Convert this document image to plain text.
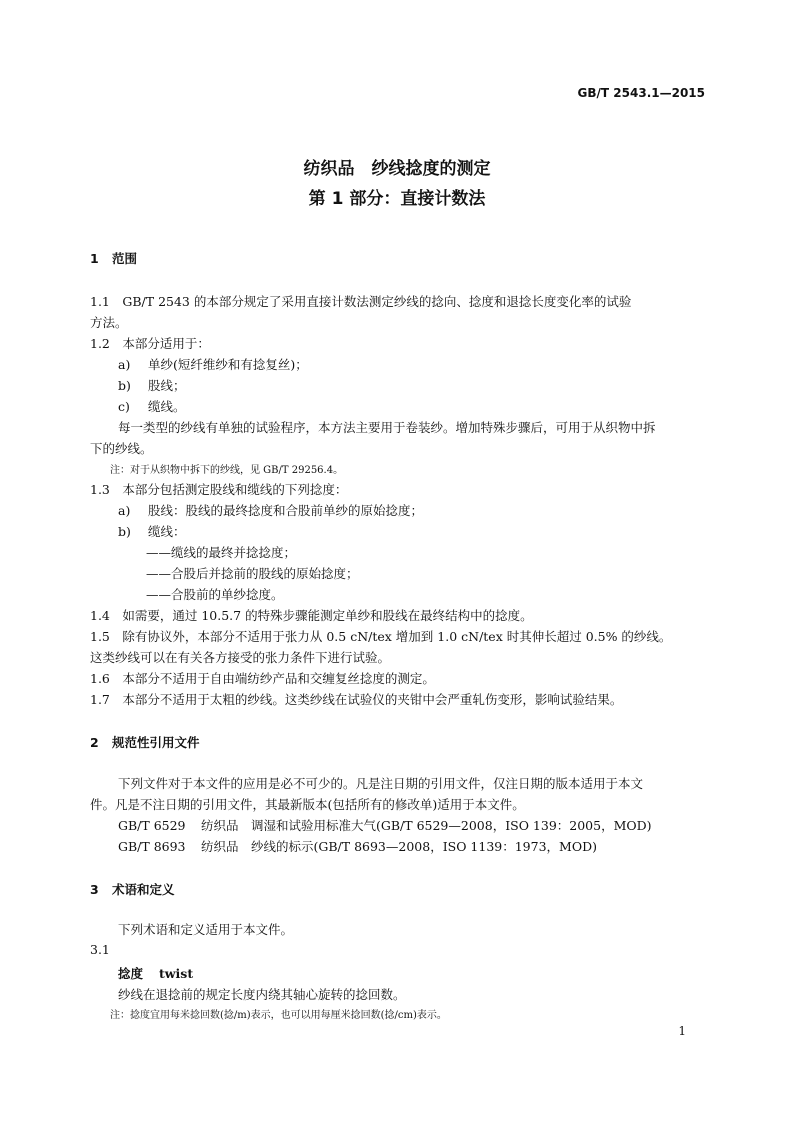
GB/T 2543.1—2015
纺织品　纱线捻度的测定
第 1 部分：直接计数法
1 范围
1.1　GB/T 2543 的本部分规定了采用直接计数法测定纱线的捻向、捻度和退捻长度变化率的试验
方法。
1.2　本部分适用于：
a) 单纱(短纤维纱和有捻复丝)；
b) 股线；
c) 缆线。
每一类型的纱线有单独的试验程序，本方法主要用于卷装纱。增加特殊步骤后，可用于从织物中拆
下的纱线。
注：对于从织物中拆下的纱线，见 GB/T 29256.4。
1.3　本部分包括测定股线和缆线的下列捻度：
a) 股线：股线的最终捻度和合股前单纱的原始捻度；
b) 缆线：
——缆线的最终并捻捻度；
——合股后并捻前的股线的原始捻度；
——合股前的单纱捻度。
1.4　如需要，通过 10.5.7 的特殊步骤能测定单纱和股线在最终结构中的捻度。
1.5　除有协议外，本部分不适用于张力从 0.5 cN/tex 增加到 1.0 cN/tex 时其伸长超过 0.5% 的纱线。
这类纱线可以在有关各方接受的张力条件下进行试验。
1.6　本部分不适用于自由端纺纱产品和交缠复丝捻度的测定。
1.7　本部分不适用于太粗的纱线。这类纱线在试验仪的夹钳中会严重轧伤变形，影响试验结果。
2 规范性引用文件
下列文件对于本文件的应用是必不可少的。凡是注日期的引用文件，仅注日期的版本适用于本文
件。凡是不注日期的引用文件，其最新版本(包括所有的修改单)适用于本文件。
GB/T 6529 纺织品　调湿和试验用标准大气(GB/T 6529—2008，ISO 139：2005，MOD)
GB/T 8693 纺织品　纱线的标示(GB/T 8693—2008，ISO 1139：1973，MOD)
3 术语和定义
下列术语和定义适用于本文件。
3.1
捻度 twist
纱线在退捻前的规定长度内绕其轴心旋转的捻回数。
注：捻度宜用每米捻回数(捻/m)表示，也可以用每厘米捻回数(捻/cm)表示。
1
